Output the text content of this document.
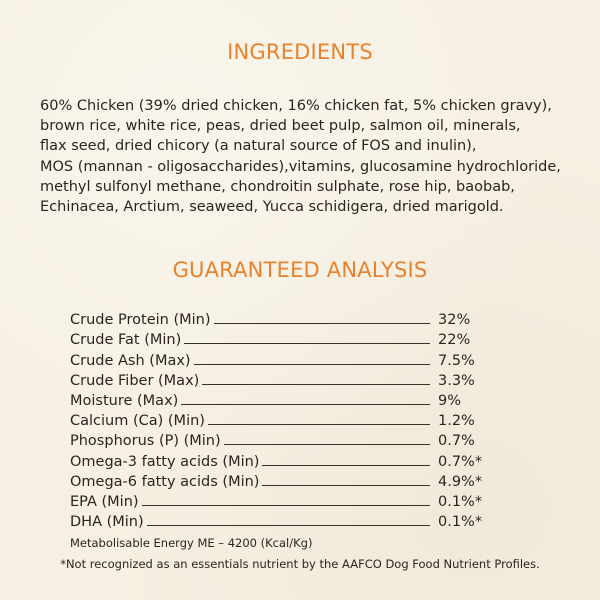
INGREDIENTS

60% Chicken (39% dried chicken, 16% chicken fat, 5% chicken gravy),
brown rice, white rice, peas, dried beet pulp, salmon oil, minerals,
flax seed, dried chicory (a natural source of FOS and inulin),
MOS (mannan - oligosaccharides),vitamins, glucosamine hydrochloride,
methyl sulfonyl methane, chondroitin sulphate, rose hip, baobab,
Echinacea, Arctium, seaweed, Yucca schidigera, dried marigold.

GUARANTEED ANALYSIS
Crude Protein (Min)	32%
Crude Fat (Min)	22%
Crude Ash (Max)	7.5%
Crude Fiber (Max)	3.3%
Moisture (Max)	9%
Calcium (Ca) (Min)	1.2%
Phosphorus (P) (Min)	0.7%
Omega-3 fatty acids (Min)	0.7%*
Omega-6 fatty acids (Min)	4.9%*
EPA (Min)	0.1%*
DHA (Min)	0.1%*
Metabolisable Energy ME – 4200 (Kcal/Kg)
*Not recognized as an essentials nutrient by the AAFCO Dog Food Nutrient Profiles.
